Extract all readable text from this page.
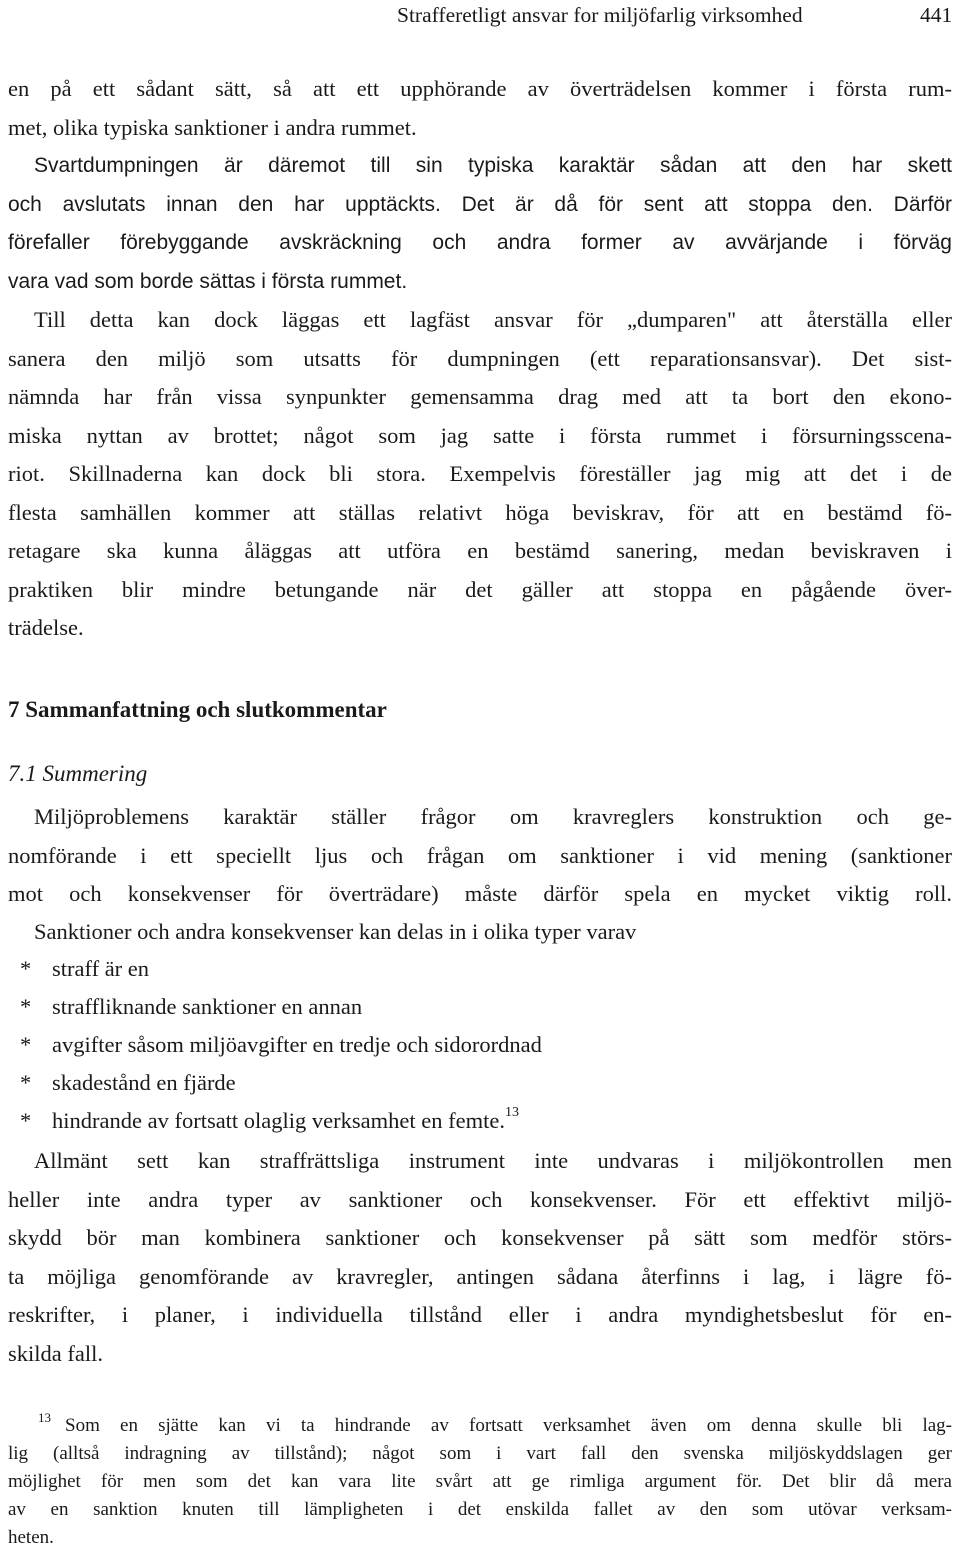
Strafferetligt ansvar for miljöfarlig virksomhed	441
en på ett sådant sätt, så att ett upphörande av överträdelsen kommer i första rum-
met, olika typiska sanktioner i andra rummet.
Svartdumpningen är däremot till sin typiska karaktär sådan att den har skett
och avslutats innan den har upptäckts. Det är då för sent att stoppa den. Därför
förefaller förebyggande avskräckning och andra former av avvärjande i förväg
vara vad som borde sättas i första rummet.
Till detta kan dock läggas ett lagfäst ansvar för „dumparen" att återställa eller
sanera den miljö som utsatts för dumpningen (ett reparationsansvar). Det sist-
nämnda har från vissa synpunkter gemensamma drag med att ta bort den ekono-
miska nyttan av brottet; något som jag satte i första rummet i försurningsscena-
riot. Skillnaderna kan dock bli stora. Exempelvis föreställer jag mig att det i de
flesta samhällen kommer att ställas relativt höga beviskrav, för att en bestämd fö-
retagare ska kunna åläggas att utföra en bestämd sanering, medan beviskraven i
praktiken blir mindre betungande när det gäller att stoppa en pågående över-
trädelse.
7 Sammanfattning och slutkommentar
7.1 Summering
Miljöproblemens karaktär ställer frågor om kravreglers konstruktion och ge-
nomförande i ett speciellt ljus och frågan om sanktioner i vid mening (sanktioner
mot och konsekvenser för överträdare) måste därför spela en mycket viktig roll.
Sanktioner och andra konsekvenser kan delas in i olika typer varav
* straff är en
* straffliknande sanktioner en annan
* avgifter såsom miljöavgifter en tredje och sidorordnad
* skadestånd en fjärde
* hindrande av fortsatt olaglig verksamhet en femte.$^{13}$
Allmänt sett kan straffrättsliga instrument inte undvaras i miljökontrollen men
heller inte andra typer av sanktioner och konsekvenser. För ett effektivt miljö-
skydd bör man kombinera sanktioner och konsekvenser på sätt som medför störs-
ta möjliga genomförande av kravregler, antingen sådana återfinns i lag, i lägre fö-
reskrifter, i planer, i individuella tillstånd eller i andra myndighetsbeslut för en-
skilda fall.
$^{13}$ Som en sjätte kan vi ta hindrande av fortsatt verksamhet även om denna skulle bli lag-
lig (alltså indragning av tillstånd); något som i vart fall den svenska miljöskyddslagen ger
möjlighet för men som det kan vara lite svårt att ge rimliga argument för. Det blir då mera
av en sanktion knuten till lämpligheten i det enskilda fallet av den som utövar verksam-
heten.
